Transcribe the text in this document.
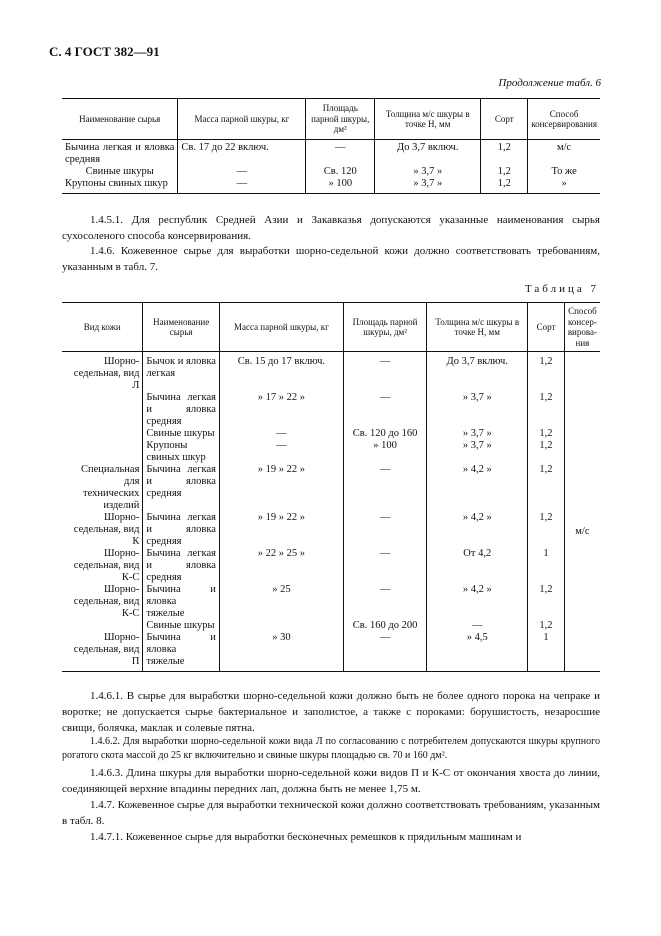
С. 4 ГОСТ 382—91
Продолжение табл. 6
Наименование сырья	Масса парной шкуры, кг	Площадь парной шкуры, дм²	Толщина м/с шкуры в точке Н, мм	Сорт	Способ консервирования
Бычина легкая и яловка средняя	Св. 17 до 22 включ.	—	До 3,7 включ.	1,2	м/с
Свиные шкуры	—	Св. 120	» 3,7 »	1,2	То же
Крупоны свиных шкур	—	» 100	» 3,7 »	1,2	»

1.4.5.1. Для республик Средней Азии и Закавказья допускаются указанные наименования сырья сухосоленого способа консервирования.

1.4.6. Кожевенное сырье для выработки шорно-седельной кожи должно соответствовать требованиям, указанным в табл. 7.

Таблица 7
Вид кожи	Наименование сырья	Масса парной шкуры, кг	Площадь парной шкуры, дм²	Толщина м/с шкуры в точке Н, мм	Сорт	Способ консер-вирова-ния
Шорно-седельная, вид Л	Бычок и яловка легкая	Св. 15 до 17 включ.	—	До 3,7 включ.	1,2	м/с
	Бычина легкая и яловка средняя	» 17 » 22 »	—	» 3,7 »	1,2	
	Свиные шкуры	—	Св. 120 до 160	» 3,7 »	1,2	
	Крупоны свиных шкур	—	» 100	» 3,7 »	1,2	
Специальная для технических изделий	Бычина легкая и яловка средняя	» 19 » 22 »	—	» 4,2 »	1,2	
Шорно-седельная, вид К	Бычина легкая и яловка средняя	» 19 » 22 »	—	» 4,2 »	1,2	
Шорно-седельная, вид К-С	Бычина легкая и яловка средняя	» 22 » 25 »	—	От 4,2	1	
Шорно-седельная, вид К-С	Бычина и яловка тяжелые	» 25	—	» 4,2 »	1,2	
	Свиные шкуры		Св. 160 до 200	—	1,2	
Шорно-седельная, вид П	Бычина и яловка тяжелые	» 30	—	» 4,5	1	

1.4.6.1. В сырье для выработки шорно-седельной кожи должно быть не более одного порока на чепраке и воротке; не допускается сырье бактериальное и заполистое, а также с пороками: борушистость, незаросшие свищи, болячка, маклак и солевые пятна.

1.4.6.2. Для выработки шорно-седельной кожи вида Л по согласованию с потребителем допускаются шкуры крупного рогатого скота массой до 25 кг включительно и свиные шкуры площадью св. 70 и 160 дм².

1.4.6.3. Длина шкуры для выработки шорно-седельной кожи видов П и К-С от окончания хвоста до линии, соединяющей верхние впадины передних лап, должна быть не менее 1,75 м.

1.4.7. Кожевенное сырье для выработки технической кожи должно соответствовать требованиям, указанным в табл. 8.

1.4.7.1. Кожевенное сырье для выработки бесконечных ремешков к прядильным машинам и
